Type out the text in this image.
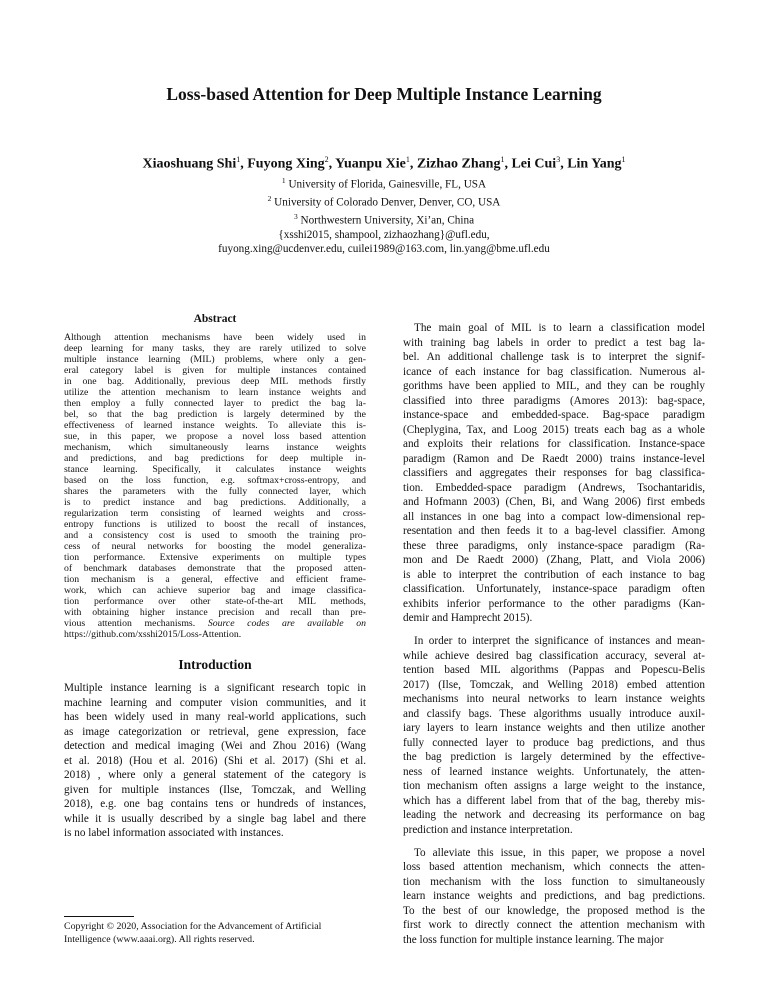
Loss-based Attention for Deep Multiple Instance Learning
Xiaoshuang Shi$^1$, Fuyong Xing$^2$, Yuanpu Xie$^1$, Zizhao Zhang$^1$, Lei Cui$^3$, Lin Yang$^1$
$^1$ University of Florida, Gainesville, FL, USA
$^2$ University of Colorado Denver, Denver, CO, USA
$^3$ Northwestern University, Xi’an, China
{xsshi2015, shampool, zizhaozhang}@ufl.edu,
fuyong.xing@ucdenver.edu, cuilei1989@163.com, lin.yang@bme.ufl.edu
Abstract
Although attention mechanisms have been widely used in
deep learning for many tasks, they are rarely utilized to solve
multiple instance learning (MIL) problems, where only a gen-
eral category label is given for multiple instances contained
in one bag. Additionally, previous deep MIL methods firstly
utilize the attention mechanism to learn instance weights and
then employ a fully connected layer to predict the bag la-
bel, so that the bag prediction is largely determined by the
effectiveness of learned instance weights. To alleviate this is-
sue, in this paper, we propose a novel loss based attention
mechanism, which simultaneously learns instance weights
and predictions, and bag predictions for deep multiple in-
stance learning. Specifically, it calculates instance weights
based on the loss function, e.g. softmax+cross-entropy, and
shares the parameters with the fully connected layer, which
is to predict instance and bag predictions. Additionally, a
regularization term consisting of learned weights and cross-
entropy functions is utilized to boost the recall of instances,
and a consistency cost is used to smooth the training pro-
cess of neural networks for boosting the model generaliza-
tion performance. Extensive experiments on multiple types
of benchmark databases demonstrate that the proposed atten-
tion mechanism is a general, effective and efficient frame-
work, which can achieve superior bag and image classifica-
tion performance over other state-of-the-art MIL methods,
with obtaining higher instance precision and recall than pre-
vious attention mechanisms. Source codes are available on
https://github.com/xsshi2015/Loss-Attention.
Introduction
Multiple instance learning is a significant research topic in
machine learning and computer vision communities, and it
has been widely used in many real-world applications, such
as image categorization or retrieval, gene expression, face
detection and medical imaging (Wei and Zhou 2016) (Wang
et al. 2018) (Hou et al. 2016) (Shi et al. 2017) (Shi et al.
2018) , where only a general statement of the category is
given for multiple instances (Ilse, Tomczak, and Welling
2018), e.g. one bag contains tens or hundreds of instances,
while it is usually described by a single bag label and there
is no label information associated with instances.
Copyright © 2020, Association for the Advancement of Artificial
Intelligence (www.aaai.org). All rights reserved.
The main goal of MIL is to learn a classification model
with training bag labels in order to predict a test bag la-
bel. An additional challenge task is to interpret the signif-
icance of each instance for bag classification. Numerous al-
gorithms have been applied to MIL, and they can be roughly
classified into three paradigms (Amores 2013): bag-space,
instance-space and embedded-space. Bag-space paradigm
(Cheplygina, Tax, and Loog 2015) treats each bag as a whole
and exploits their relations for classification. Instance-space
paradigm (Ramon and De Raedt 2000) trains instance-level
classifiers and aggregates their responses for bag classifica-
tion. Embedded-space paradigm (Andrews, Tsochantaridis,
and Hofmann 2003) (Chen, Bi, and Wang 2006) first embeds
all instances in one bag into a compact low-dimensional rep-
resentation and then feeds it to a bag-level classifier. Among
these three paradigms, only instance-space paradigm (Ra-
mon and De Raedt 2000) (Zhang, Platt, and Viola 2006)
is able to interpret the contribution of each instance to bag
classification. Unfortunately, instance-space paradigm often
exhibits inferior performance to the other paradigms (Kan-
demir and Hamprecht 2015).
In order to interpret the significance of instances and mean-
while achieve desired bag classification accuracy, several at-
tention based MIL algorithms (Pappas and Popescu-Belis
2017) (Ilse, Tomczak, and Welling 2018) embed attention
mechanisms into neural networks to learn instance weights
and classify bags. These algorithms usually introduce auxil-
iary layers to learn instance weights and then utilize another
fully connected layer to produce bag predictions, and thus
the bag prediction is largely determined by the effective-
ness of learned instance weights. Unfortunately, the atten-
tion mechanism often assigns a large weight to the instance,
which has a different label from that of the bag, thereby mis-
leading the network and decreasing its performance on bag
prediction and instance interpretation.
To alleviate this issue, in this paper, we propose a novel
loss based attention mechanism, which connects the atten-
tion mechanism with the loss function to simultaneously
learn instance weights and predictions, and bag predictions.
To the best of our knowledge, the proposed method is the
first work to directly connect the attention mechanism with
the loss function for multiple instance learning. The major
